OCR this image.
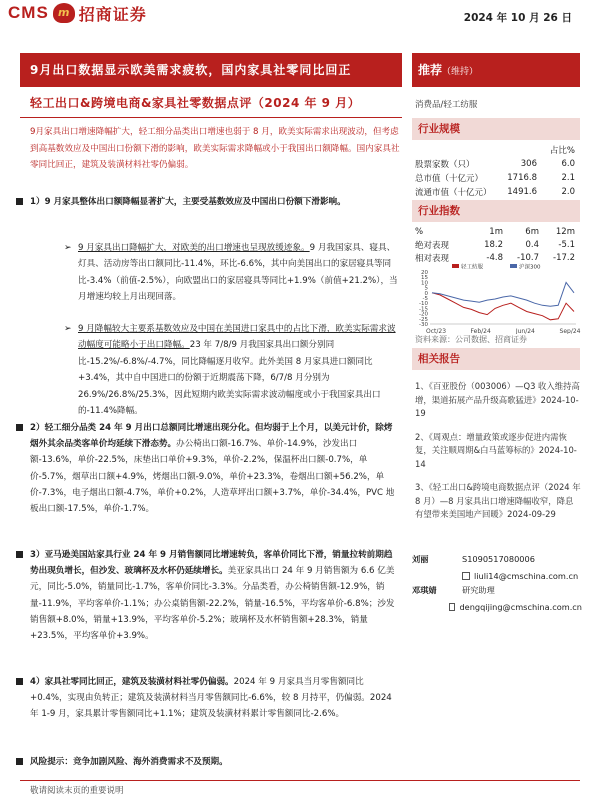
CMS m 招商证券	2024 年 10 月 26 日
9月出口数据显示欧美需求疲软，国内家具社零同比回正
轻工出口&跨境电商&家具社零数据点评（2024 年 9 月）
9月家具出口增速降幅扩大，轻工细分品类出口增速也弱于 8 月，欧美实际需求出现波动，但考虑到高基数效应及中国出口份额下滑的影响，欧美实际需求降幅或小于我国出口额降幅。国内家具社零同比回正，建筑及装潢材料社零仍偏弱。
1）9 月家具整体出口额降幅显著扩大，主要受基数效应及中国出口份额下滑影响。
➢ 9 月家具出口降幅扩大，对欧美的出口增速也呈现放缓迹象。9 月我国家具、寝具、灯具、活动房等出口额同比-11.4%，环比-6.6%，其中向美国出口的家居寝具等同比-3.4%（前值-2.5%），向欧盟出口的家居寝具等同比+1.9%（前值+21.2%），当月增速均较上月出现回落。
➢ 9 月降幅较大主要系基数效应及中国在美国进口家具中的占比下滑，欧美实际需求波动幅度可能略小于出口降幅。23 年 7/8/9 月我国家具出口额分别同比-15.2%/-6.8%/-4.7%，同比降幅逐月收窄。此外美国 8 月家具进口额同比+3.4%，其中自中国进口的份额于近期震荡下降，6/7/8 月分别为 26.9%/26.8%/25.3%，因此短期内欧美实际需求波动幅度或小于我国家具出口的-11.4%降幅。
2）轻工细分品类 24 年 9 月出口总额同比增速出现分化。但均弱于上个月，以美元计价，除烤烟外其余品类客单价均延续下滑态势。办公椅出口额-16.7%、单价-14.9%，沙发出口额-13.6%，单价-22.5%，床垫出口单价+9.3%，单价-2.2%，保温杯出口额-0.7%，单价-5.7%，烟草出口额+4.9%，烤烟出口额-9.0%，单价+23.3%，卷烟出口额+56.2%，单价-7.3%，电子烟出口额-4.7%，单价+0.2%，人造草坪出口额+3.7%，单价-34.4%，PVC 地板出口额-17.5%，单价-1.7%。
3）亚马逊美国站家具行业 24 年 9 月销售额同比增速转负，客单价同比下滑，销量拉转前期趋势出现负增长，但沙发、玻璃杯及水杯仍延续增长。美亚家具出口 24 年 9 月销售额为 6.6 亿美元，同比-5.0%，销量同比-1.7%，客单价同比-3.3%。分品类看，办公椅销售额-12.9%，销量-11.9%，平均客单价-1.1%；办公桌销售额-22.2%，销量-16.5%，平均客单价-6.8%；沙发销售额+8.0%，销量+13.9%，平均客单价-5.2%；玻璃杯及水杯销售额+28.3%，销量+23.5%，平均客单价+3.9%。
4）家具社零同比回正，建筑及装潢材料社零仍偏弱。2024 年 9 月家具当月零售额同比+0.4%，实现由负转正；建筑及装潢材料当月零售额同比-6.6%，较 8 月持平，仍偏弱。2024 年 1-9 月，家具累计零售额同比+1.1%；建筑及装潢材料累计零售额同比-2.6%。
风险提示：竞争加剧风险、海外消费需求不及预期。
敬请阅读末页的重要说明
推荐（维持）
消费品/轻工纺服
行业规模
占比%
股票家数（只）	306	6.0
总市值（十亿元）	1716.8	2.1
流通市值（十亿元）	1491.6	2.0
行业指数
%	1m	6m	12m
绝对表现	18.2	0.4	-5.1
相对表现	-4.8	-10.7	-17.2
20
15
10
5
0
-5
-10
-15
-20
-25
-30
Oct/23	Feb/24	Jun/24	Sep/24
轻工纺服	沪深300
资料来源：公司数据、招商证券
相关报告
1、《百亚股份（003006）—Q3 收入维持高增，渠道拓展产品升级高歌猛进》2024-10-19
2、《周观点：增量政策或逐步促进内需恢复，关注顺周期&白马蓝筹标的》2024-10-14
3、《轻工出口&跨境电商数据点评（2024 年 8 月）—8 月家具出口增速降幅收窄，降息有望带来美国地产回暖》2024-09-29
刘丽	S1090517080006
liuli14@cmschina.com.cn
邓琪婧	研究助理
dengqijing@cmschina.com.cn
